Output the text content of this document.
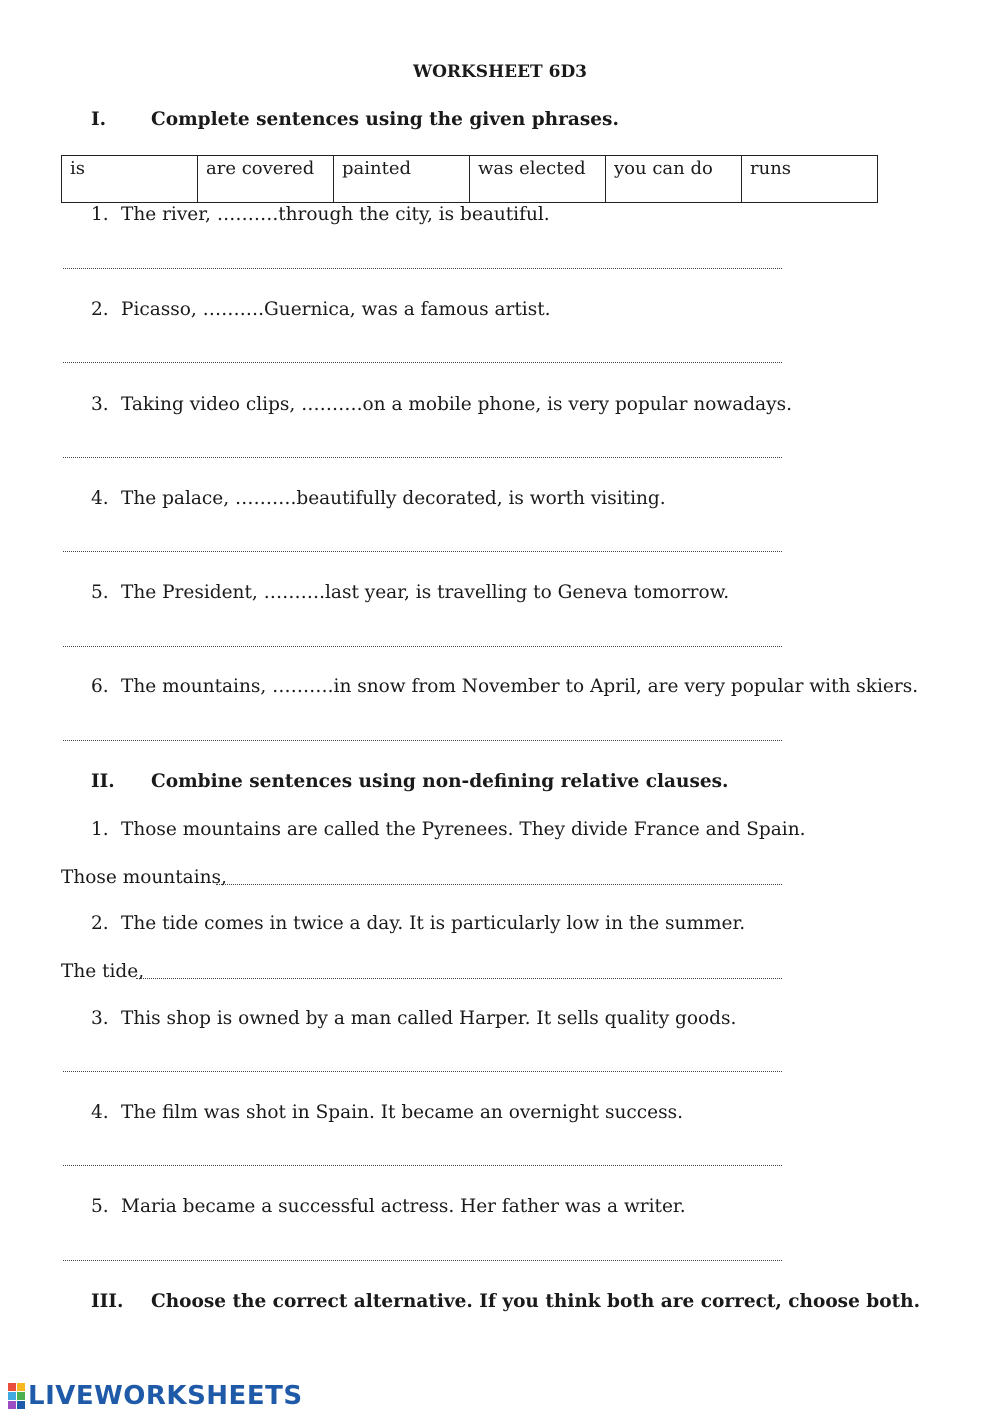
WORKSHEET 6D3
I. Complete sentences using the given phrases.
is	are covered	painted	was elected	you can do	runs
1. The river, ……….through the city, is beautiful.
2. Picasso, ……….Guernica, was a famous artist.
3. Taking video clips, ……….on a mobile phone, is very popular nowadays.
4. The palace, ……….beautifully decorated, is worth visiting.
5. The President, ……….last year, is travelling to Geneva tomorrow.
6. The mountains, ……….in snow from November to April, are very popular with skiers.
II. Combine sentences using non-defining relative clauses.
1. Those mountains are called the Pyrenees. They divide France and Spain.
Those mountains,
2. The tide comes in twice a day. It is particularly low in the summer.
The tide,
3. This shop is owned by a man called Harper. It sells quality goods.
4. The film was shot in Spain. It became an overnight success.
5. Maria became a successful actress. Her father was a writer.
III. Choose the correct alternative. If you think both are correct, choose both.
LIVEWORKSHEETS
